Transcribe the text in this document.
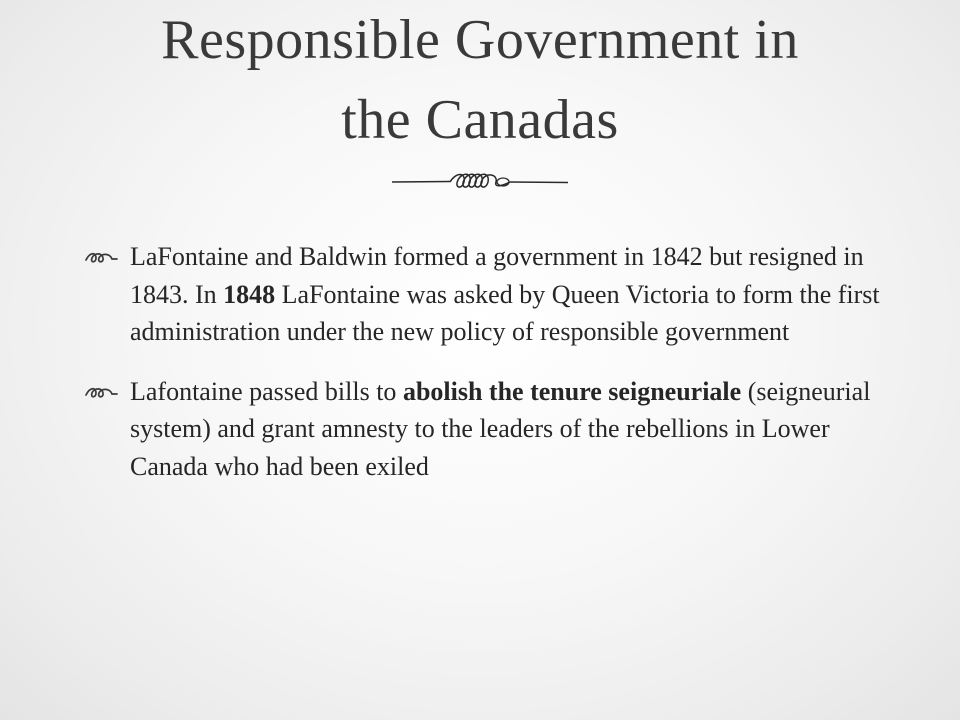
Responsible Government in
the Canadas
LaFontaine and Baldwin formed a government in 1842 but resigned in 1843. In 1848 LaFontaine was asked by Queen Victoria to form the first administration under the new policy of responsible government
Lafontaine passed bills to abolish the tenure seigneuriale (seigneurial system) and grant amnesty to the leaders of the rebellions in Lower Canada who had been exiled
